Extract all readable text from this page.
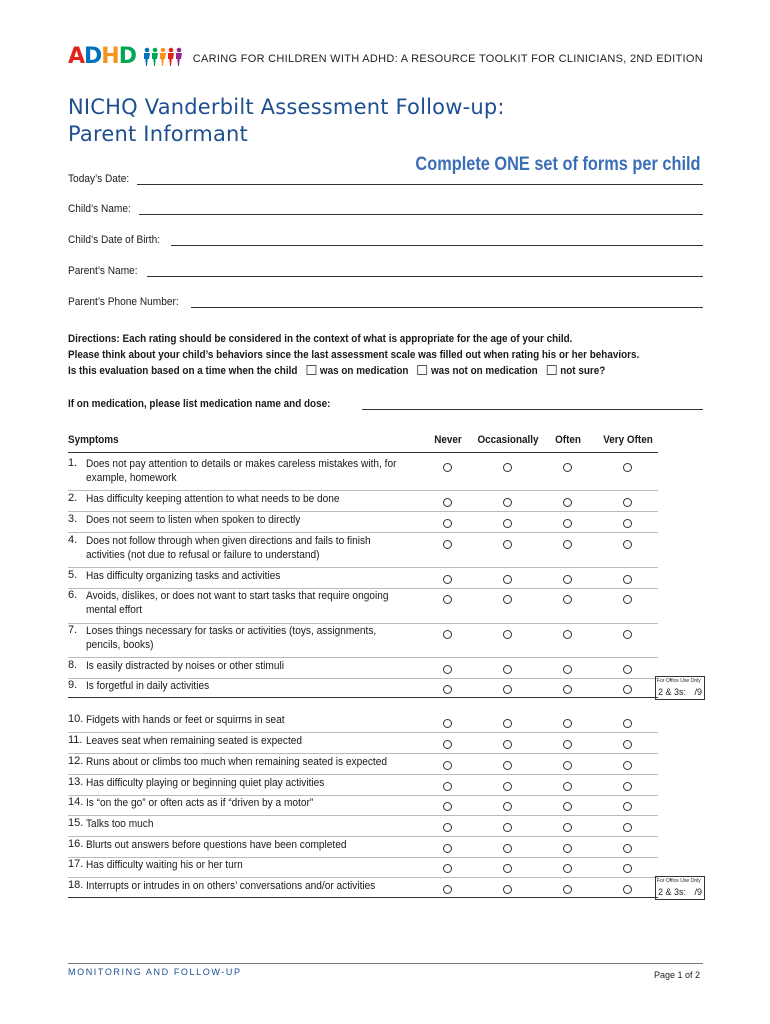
ADHD	CARING FOR CHILDREN WITH ADHD: A RESOURCE TOOLKIT FOR CLINICIANS, 2ND EDITION
NICHQ Vanderbilt Assessment Follow-up:
Parent Informant
Complete ONE set of forms per child
Today’s Date:
Child’s Name:
Child’s Date of Birth:
Parent’s Name:
Parent’s Phone Number:
Directions: Each rating should be considered in the context of what is appropriate for the age of your child.
Please think about your child’s behaviors since the last assessment scale was filled out when rating his or her behaviors.
Is this evaluation based on a time when the child was on medication was not on medication not sure?
If on medication, please list medication name and dose:
Symptoms	Never Occasionally Often Very Often
1. Does not pay attention to details or makes careless mistakes with, for example, homework
2. Has difficulty keeping attention to what needs to be done
3. Does not seem to listen when spoken to directly
4. Does not follow through when given directions and fails to finish activities (not due to refusal or failure to understand)
5. Has difficulty organizing tasks and activities
6. Avoids, dislikes, or does not want to start tasks that require ongoing mental effort
7. Loses things necessary for tasks or activities (toys, assignments, pencils, books)
8. Is easily distracted by noises or other stimuli
9. Is forgetful in daily activities
10. Fidgets with hands or feet or squirms in seat
11. Leaves seat when remaining seated is expected
12. Runs about or climbs too much when remaining seated is expected
13. Has difficulty playing or beginning quiet play activities
14. Is “on the go” or often acts as if “driven by a motor”
15. Talks too much
16. Blurts out answers before questions have been completed
17. Has difficulty waiting his or her turn
18. Interrupts or intrudes in on others’ conversations and/or activities
For Office Use Only
2 & 3s: /9
For Office Use Only
2 & 3s: /9
MONITORING AND FOLLOW-UP	Page 1 of 2
